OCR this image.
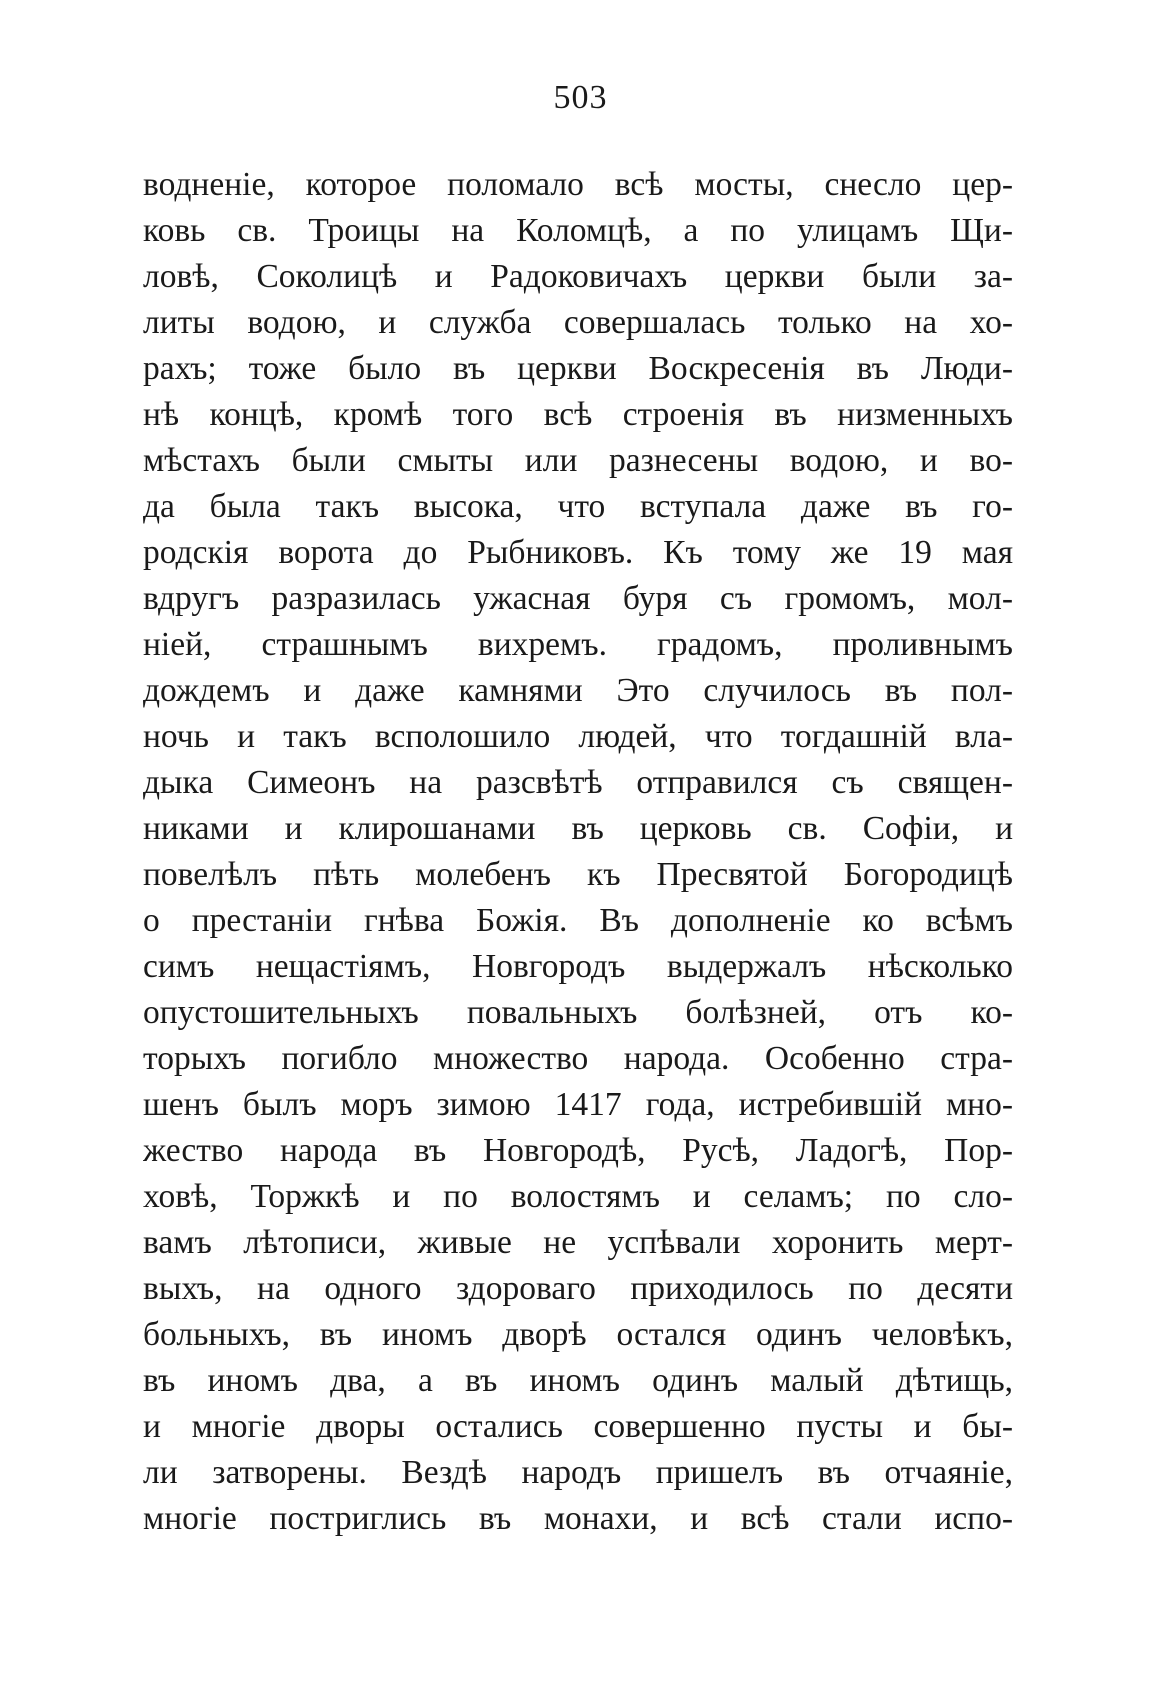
503
водненіе, которое поломало всѣ мосты, снесло цер-
ковь св. Троицы на Коломцѣ, а по улицамъ Щи-
ловѣ, Соколицѣ и Радоковичахъ церкви были за-
литы водою, и служба совершалась только на хо-
рахъ; тоже было въ церкви Воскресенія въ Люди-
нѣ концѣ, кромѣ того всѣ строенія въ низменныхъ
мѣстахъ были смыты или разнесены водою, и во-
да была такъ высока, что вступала даже въ го-
родскія ворота до Рыбниковъ. Къ тому же 19 мая
вдругъ разразилась ужасная буря съ громомъ, мол-
ніей, страшнымъ вихремъ. градомъ, проливнымъ
дождемъ и даже камнями Это случилось въ пол-
ночь и такъ всполошило людей, что тогдашній вла-
дыка Симеонъ на разсвѣтѣ отправился съ священ-
никами и клирошанами въ церковь св. Софіи, и
повелѣлъ пѣть молебенъ къ Пресвятой Богородицѣ
о престаніи гнѣва Божія. Въ дополненіе ко всѣмъ
симъ нещастіямъ, Новгородъ выдержалъ нѣсколько
опустошительныхъ повальныхъ болѣзней, отъ ко-
торыхъ погибло множество народа. Особенно стра-
шенъ былъ моръ зимою 1417 года, истребившій мно-
жество народа въ Новгородѣ, Русѣ, Ладогѣ, Пор-
ховѣ, Торжкѣ и по волостямъ и селамъ; по сло-
вамъ лѣтописи, живые не успѣвали хоронить мерт-
выхъ, на одного здороваго приходилось по десяти
больныхъ, въ иномъ дворѣ остался одинъ человѣкъ,
въ иномъ два, а въ иномъ одинъ малый дѣтищь,
и многіе дворы остались совершенно пусты и бы-
ли затворены. Вездѣ народъ пришелъ въ отчаяніе,
многіе постриглись въ монахи, и всѣ стали испо-
